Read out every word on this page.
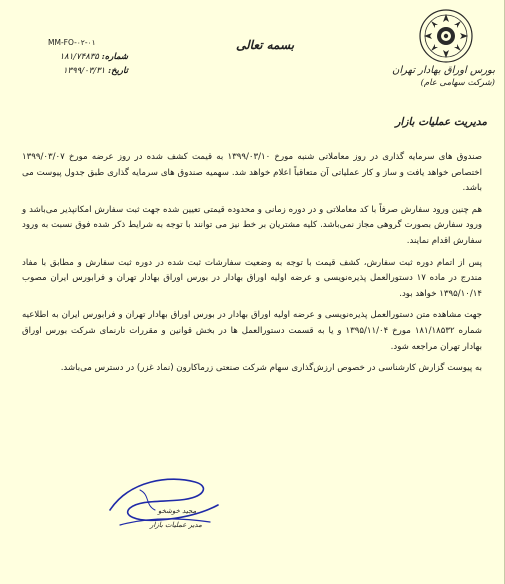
بورس اوراق بهادار تهران
(شرکت سهامی عام)
مدیریت عملیات بازار
بسمه تعالی
MM-FO-۰۲-۰۱
شماره: ۱۸۱/۷۴۸۳۵
تاریخ: ۱۳۹۹/۰۳/۳۱

صندوق های سرمایه گذاری در روز معاملاتی شنبه مورخ ۱۳۹۹/۰۳/۱۰ به قیمت کشف شده در روز عرضه مورخ ۱۳۹۹/۰۳/۰۷ اختصاص خواهد یافت و ساز و کار عملیاتی آن متعاقباً اعلام خواهد شد. سهمیه صندوق های سرمایه گذاری طبق جدول پیوست می باشد.

هم چنین ورود سفارش صرفاً با کد معاملاتی و در دوره زمانی و محدوده قیمتی تعیین شده جهت ثبت سفارش امکانپذیر می‌باشد و ورود سفارش بصورت گروهی مجاز نمی‌باشد. کلیه مشتریان بر خط نیز می توانند با توجه به شرایط ذکر شده فوق نسبت به ورود سفارش اقدام نمایند.

پس از اتمام دوره ثبت سفارش، کشف قیمت با توجه به وضعیت سفارشات ثبت شده در دوره ثبت سفارش و مطابق با مفاد مندرج در ماده ۱۷ دستورالعمل پذیره‌نویسی و عرضه اولیه اوراق بهادار در بورس اوراق بهادار تهران و فرابورس ایران مصوب ۱۳۹۵/۱۰/۱۴ خواهد بود.

جهت مشاهده متن دستورالعمل پذیره‌نویسی و عرضه اولیه اوراق بهادار در بورس اوراق بهادار تهران و فرابورس ایران به اطلاعیه شماره ۱۸۱/۱۸۵۳۲ مورخ ۱۳۹۵/۱۱/۰۴ و یا به قسمت دستورالعمل ها در بخش قوانین و مقررات تارنمای شرکت بورس اوراق بهادار تهران مراجعه شود.

به پیوست گزارش کارشناسی در خصوص ارزش‌گذاری سهام شرکت صنعتی زرماکارون (نماد غزر) در دسترس می‌باشد.

مجید خوشخو
مدیر عملیات بازار
